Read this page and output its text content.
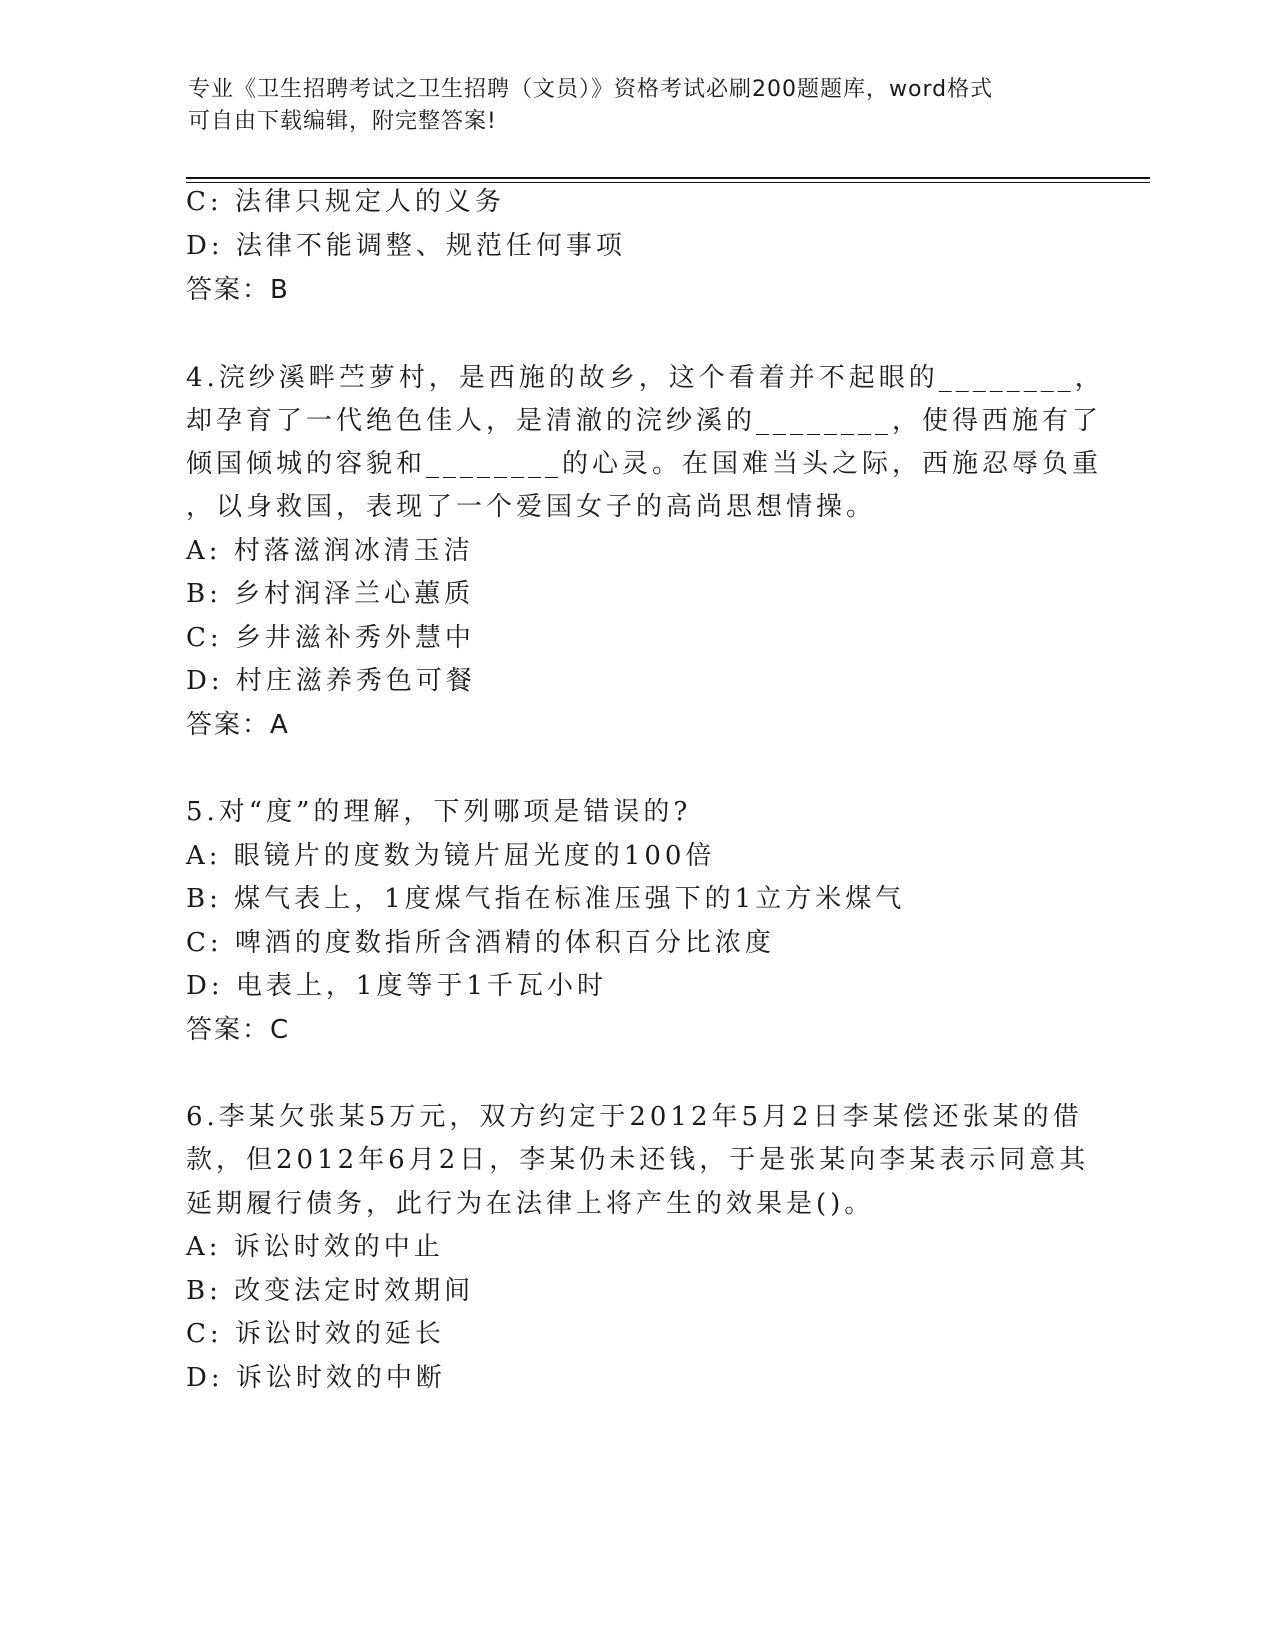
专业《卫生招聘考试之卫生招聘（文员）》资格考试必刷200题题库，word格式
可自由下载编辑，附完整答案!
C: 法律只规定人的义务
D: 法律不能调整、规范任何事项
答案：B
4.浣纱溪畔苎萝村，是西施的故乡，这个看着并不起眼的________，
却孕育了一代绝色佳人，是清澈的浣纱溪的________，使得西施有了
倾国倾城的容貌和________的心灵。在国难当头之际，西施忍辱负重
，以身救国，表现了一个爱国女子的高尚思想情操。
A: 村落滋润冰清玉洁
B: 乡村润泽兰心蕙质
C: 乡井滋补秀外慧中
D: 村庄滋养秀色可餐
答案：A
5.对“度”的理解，下列哪项是错误的?
A: 眼镜片的度数为镜片屈光度的100倍
B: 煤气表上，1度煤气指在标准压强下的1立方米煤气
C: 啤酒的度数指所含酒精的体积百分比浓度
D: 电表上，1度等于1千瓦小时
答案：C
6.李某欠张某5万元，双方约定于2012年5月2日李某偿还张某的借
款，但2012年6月2日，李某仍未还钱，于是张某向李某表示同意其
延期履行债务，此行为在法律上将产生的效果是()。
A: 诉讼时效的中止
B: 改变法定时效期间
C: 诉讼时效的延长
D: 诉讼时效的中断
